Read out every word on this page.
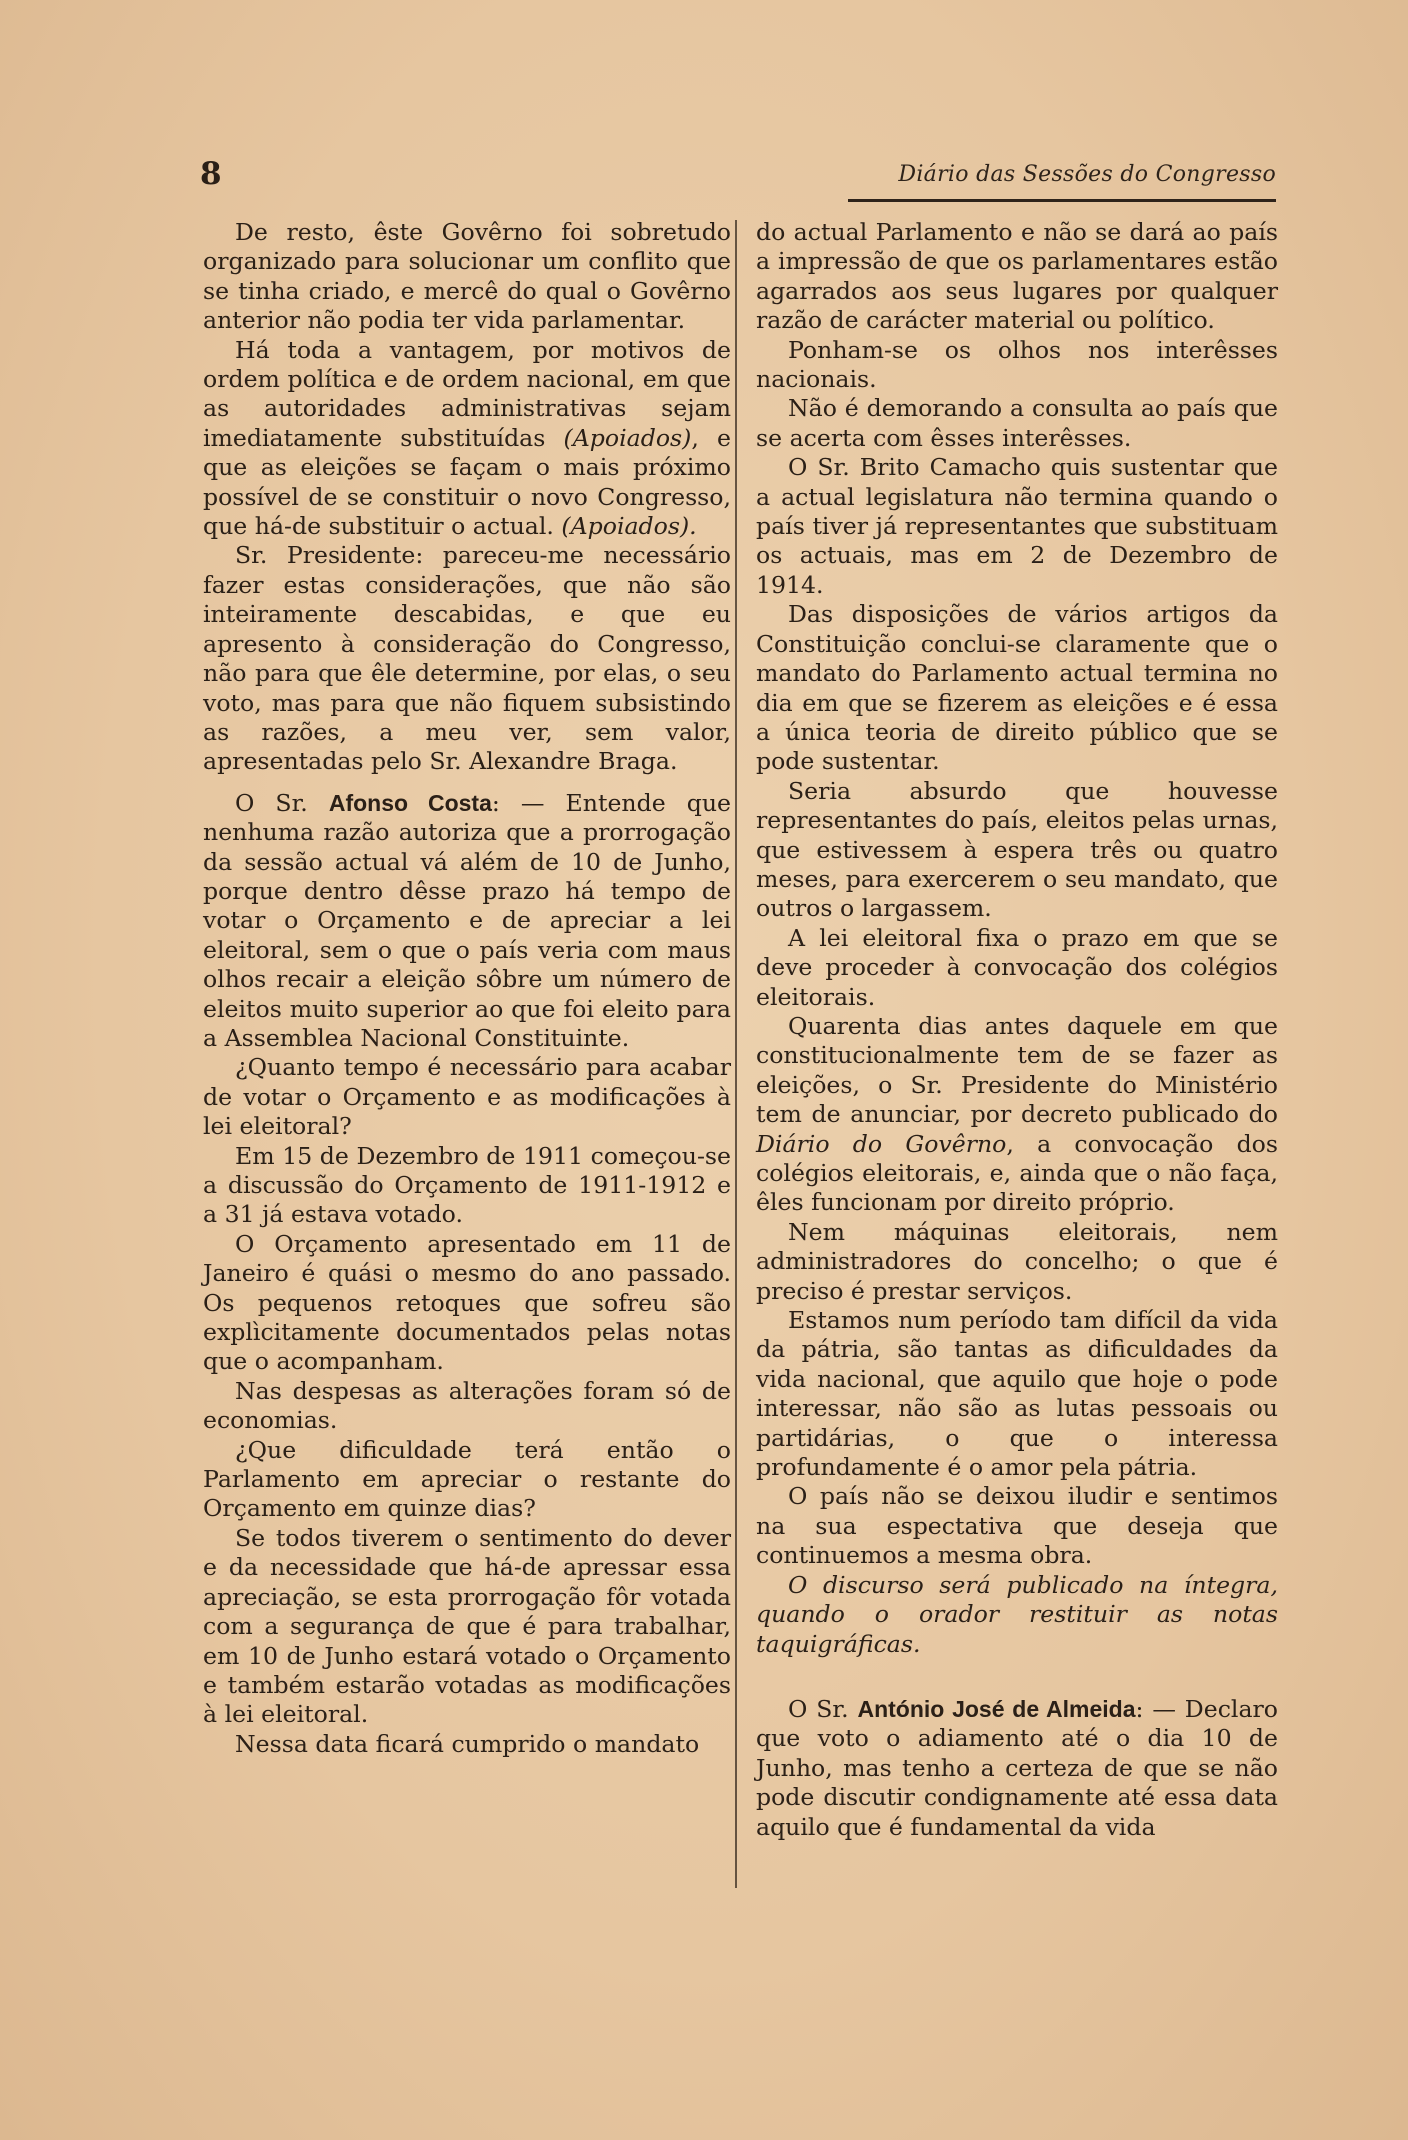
8	Diário das Sessões do Congresso

De resto, êste Govêrno foi sobretudo organizado para solucionar um conflito que se tinha criado, e mercê do qual o Govêrno anterior não podia ter vida parlamentar.

Há toda a vantagem, por motivos de ordem política e de ordem nacional, em que as autoridades administrativas sejam imediatamente substituídas (Apoiados), e que as eleições se façam o mais próximo possível de se constituir o novo Congresso, que há-de substituir o actual. (Apoiados).

Sr. Presidente: pareceu-me necessário fazer estas considerações, que não são inteiramente descabidas, e que eu apresento à consideração do Congresso, não para que êle determine, por elas, o seu voto, mas para que não fiquem subsistindo as razões, a meu ver, sem valor, apresentadas pelo Sr. Alexandre Braga.

O Sr. Afonso Costa: — Entende que nenhuma razão autoriza que a prorrogação da sessão actual vá além de 10 de Junho, porque dentro dêsse prazo há tempo de votar o Orçamento e de apreciar a lei eleitoral, sem o que o país veria com maus olhos recair a eleição sôbre um número de eleitos muito superior ao que foi eleito para a Assemblea Nacional Constituinte.

¿Quanto tempo é necessário para acabar de votar o Orçamento e as modificações à lei eleitoral?

Em 15 de Dezembro de 1911 começou-se a discussão do Orçamento de 1911-1912 e a 31 já estava votado.

O Orçamento apresentado em 11 de Janeiro é quási o mesmo do ano passado. Os pequenos retoques que sofreu são explìcitamente documentados pelas notas que o acompanham.

Nas despesas as alterações foram só de economias.

¿Que dificuldade terá então o Parlamento em apreciar o restante do Orçamento em quinze dias?

Se todos tiverem o sentimento do dever e da necessidade que há-de apressar essa apreciação, se esta prorrogação fôr votada com a segurança de que é para trabalhar, em 10 de Junho estará votado o Orçamento e também estarão votadas as modificações à lei eleitoral.

Nessa data ficará cumprido o mandato

do actual Parlamento e não se dará ao país a impressão de que os parlamentares estão agarrados aos seus lugares por qualquer razão de carácter material ou político.

Ponham-se os olhos nos interêsses nacionais.

Não é demorando a consulta ao país que se acerta com êsses interêsses.

O Sr. Brito Camacho quis sustentar que a actual legislatura não termina quando o país tiver já representantes que substituam os actuais, mas em 2 de Dezembro de 1914.

Das disposições de vários artigos da Constituição conclui-se claramente que o mandato do Parlamento actual termina no dia em que se fizerem as eleições e é essa a única teoria de direito público que se pode sustentar.

Seria absurdo que houvesse representantes do país, eleitos pelas urnas, que estivessem à espera três ou quatro meses, para exercerem o seu mandato, que outros o largassem.

A lei eleitoral fixa o prazo em que se deve proceder à convocação dos colégios eleitorais.

Quarenta dias antes daquele em que constitucionalmente tem de se fazer as eleições, o Sr. Presidente do Ministério tem de anunciar, por decreto publicado do Diário do Govêrno, a convocação dos colégios eleitorais, e, ainda que o não faça, êles funcionam por direito próprio.

Nem máquinas eleitorais, nem administradores do concelho; o que é preciso é prestar serviços.

Estamos num período tam difícil da vida da pátria, são tantas as dificuldades da vida nacional, que aquilo que hoje o pode interessar, não são as lutas pessoais ou partidárias, o que o interessa profundamente é o amor pela pátria.

O país não se deixou iludir e sentimos na sua espectativa que deseja que continuemos a mesma obra.

O discurso será publicado na íntegra, quando o orador restituir as notas taquigráficas.

O Sr. António José de Almeida: — Declaro que voto o adiamento até o dia 10 de Junho, mas tenho a certeza de que se não pode discutir condignamente até essa data aquilo que é fundamental da vida
